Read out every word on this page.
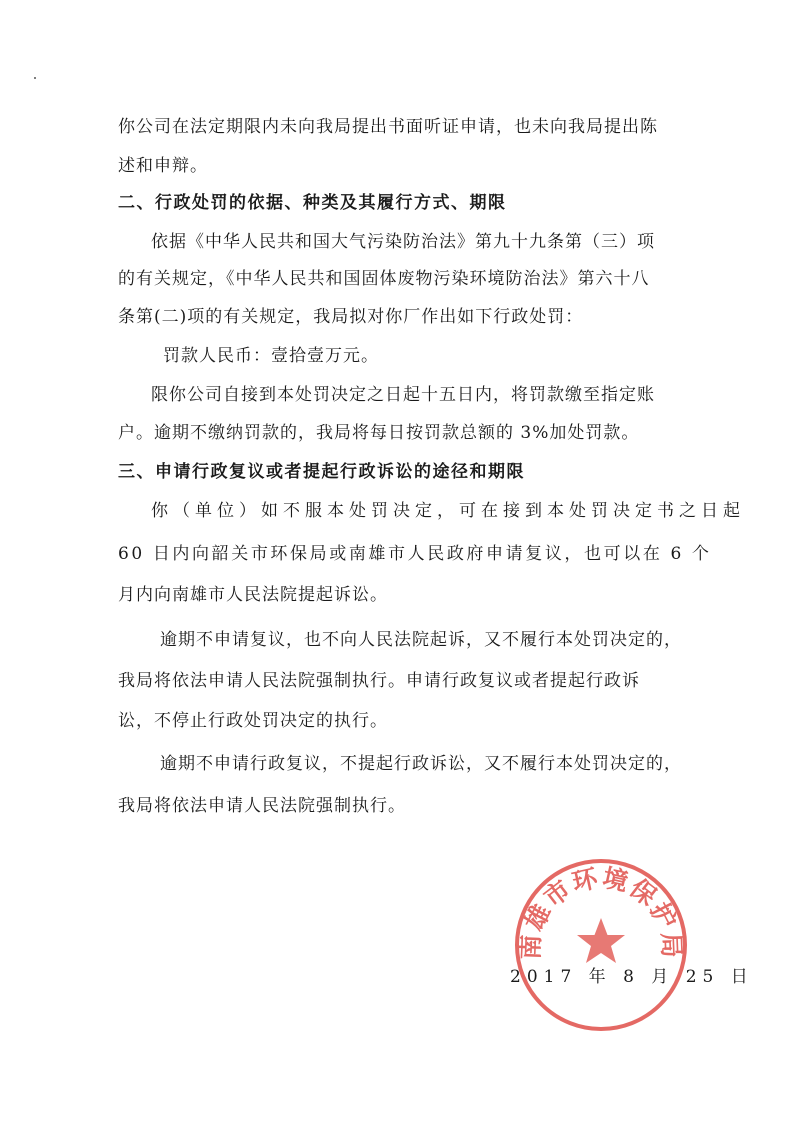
你公司在法定期限内未向我局提出书面听证申请，也未向我局提出陈
述和申辩。
二、行政处罚的依据、种类及其履行方式、期限
依据《中华人民共和国大气污染防治法》第九十九条第（三）项
的有关规定，《中华人民共和国固体废物污染环境防治法》第六十八
条第(二)项的有关规定，我局拟对你厂作出如下行政处罚：
罚款人民币：壹拾壹万元。
限你公司自接到本处罚决定之日起十五日内，将罚款缴至指定账
户。逾期不缴纳罚款的，我局将每日按罚款总额的 3%加处罚款。
三、申请行政复议或者提起行政诉讼的途径和期限
你（单位）如不服本处罚决定，可在接到本处罚决定书之日起
60 日内向韶关市环保局或南雄市人民政府申请复议，也可以在 6 个
月内向南雄市人民法院提起诉讼。
逾期不申请复议，也不向人民法院起诉，又不履行本处罚决定的，
我局将依法申请人民法院强制执行。申请行政复议或者提起行政诉
讼，不停止行政处罚决定的执行。
逾期不申请行政复议，不提起行政诉讼，又不履行本处罚决定的，
我局将依法申请人民法院强制执行。
南雄市环境保护局
2017 年 8 月 25 日
